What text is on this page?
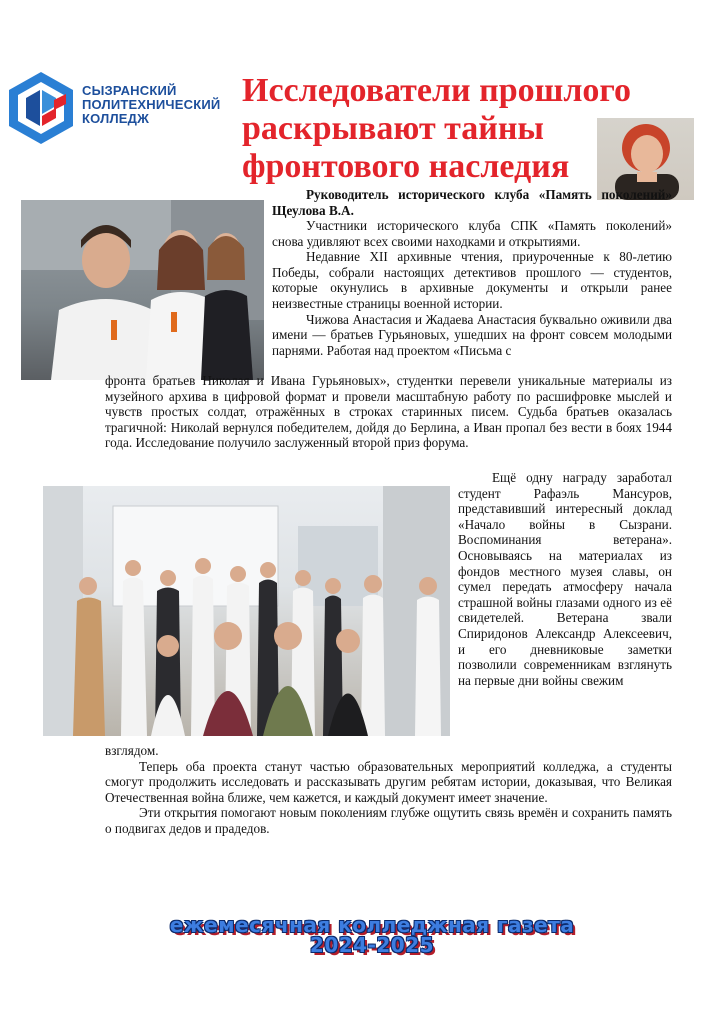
СЫЗРАНСКИЙ
ПОЛИТЕХНИЧЕСКИЙ
КОЛЛЕДЖ
Исследователи прошлого раскрывают тайны фронтового наследия

Руководитель исторического клуба «Память поколений» Щеулова В.А.

Участники исторического клуба СПК «Память поколений» снова удивляют всех своими находками и открытиями.

Недавние XII архивные чтения, приуроченные к 80-летию Победы, собрали настоящих детективов прошлого — студентов, которые окунулись в архивные документы и открыли ранее неизвестные страницы военной истории.

Чижова Анастасия и Жадаева Анастасия буквально оживили два имени — братьев Гурьяновых, ушедших на фронт совсем молодыми парнями. Работая над проектом «Письма с

фронта братьев Николая и Ивана Гурьяновых», студентки перевели уникальные материалы из музейного архива в цифровой формат и провели масштабную работу по расшифровке мыслей и чувств простых солдат, отражённых в строках старинных писем. Судьба братьев оказалась трагичной: Николай вернулся победителем, дойдя до Берлина, а Иван пропал без вести в боях 1944 года. Исследование получило заслуженный второй приз форума.

Ещё одну награду заработал студент Рафаэль Мансуров, представивший интересный доклад «Начало войны в Сызрани. Воспоминания ветерана». Основываясь на материалах из фондов местного музея славы, он сумел передать атмосферу начала страшной войны глазами одного из её свидетелей. Ветерана звали Спиридонов Александр Алексеевич, и его дневниковые заметки позволили современникам взглянуть на первые дни войны свежим

взглядом.

Теперь оба проекта станут частью образовательных мероприятий колледжа, а студенты смогут продолжить исследовать и рассказывать другим ребятам истории, доказывая, что Великая Отечественная война ближе, чем кажется, и каждый документ имеет значение.

Эти открытия помогают новым поколениям глубже ощутить связь времён и сохранить память о подвигах дедов и прадедов.

ежемесячная колледжная газета
2024-2025
